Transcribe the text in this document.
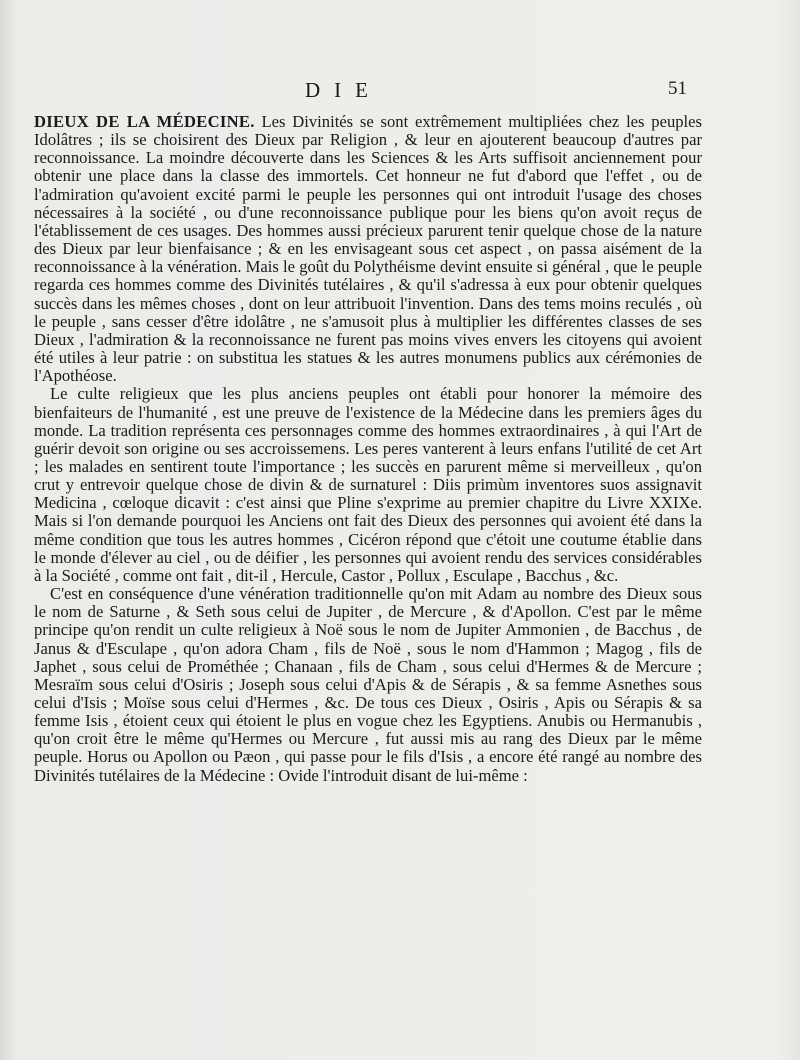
DIE	51

DIEUX DE LA MÉDECINE. Les Divinités se sont extrêmement multipliées chez les peuples Idolâtres ; ils se choisirent des Dieux par Religion , & leur en ajouterent beaucoup d'autres par reconnoissance. La moindre découverte dans les Sciences & les Arts suffisoit anciennement pour obtenir une place dans la classe des immortels. Cet honneur ne fut d'abord que l'effet , ou de l'admiration qu'avoient excité parmi le peuple les personnes qui ont introduit l'usage des choses nécessaires à la société , ou d'une reconnoissance publique pour les biens qu'on avoit reçus de l'établissement de ces usages. Des hommes aussi précieux parurent tenir quelque chose de la nature des Dieux par leur bienfaisance ; & en les envisageant sous cet aspect , on passa aisément de la reconnoissance à la vénération. Mais le goût du Polythéisme devint ensuite si général , que le peuple regarda ces hommes comme des Divinités tutélaires , & qu'il s'adressa à eux pour obtenir quelques succès dans les mêmes choses , dont on leur attribuoit l'invention. Dans des tems moins reculés , où le peuple , sans cesser d'être idolâtre , ne s'amusoit plus à multiplier les différentes classes de ses Dieux , l'admiration & la reconnoissance ne furent pas moins vives envers les citoyens qui avoient été utiles à leur patrie : on substitua les statues & les autres monumens publics aux cérémonies de l'Apothéose.

Le culte religieux que les plus anciens peuples ont établi pour honorer la mémoire des bienfaiteurs de l'humanité , est une preuve de l'existence de la Médecine dans les premiers âges du monde. La tradition représenta ces personnages comme des hommes extraordinaires , à qui l'Art de guérir devoit son origine ou ses accroissemens. Les peres vanterent à leurs enfans l'utilité de cet Art ; les malades en sentirent toute l'importance ; les succès en parurent même si merveilleux , qu'on crut y entrevoir quelque chose de divin & de surnaturel : Diis primùm inventores suos assignavit Medicina , cœloque dicavit : c'est ainsi que Pline s'exprime au premier chapitre du Livre XXIXe. Mais si l'on demande pourquoi les Anciens ont fait des Dieux des personnes qui avoient été dans la même condition que tous les autres hommes , Cicéron répond que c'étoit une coutume établie dans le monde d'élever au ciel , ou de déifier , les personnes qui avoient rendu des services considérables à la Société , comme ont fait , dit-il , Hercule, Castor , Pollux , Esculape , Bacchus , &c.

C'est en conséquence d'une vénération traditionnelle qu'on mit Adam au nombre des Dieux sous le nom de Saturne , & Seth sous celui de Jupiter , de Mercure , & d'Apollon. C'est par le même principe qu'on rendit un culte religieux à Noë sous le nom de Jupiter Ammonien , de Bacchus , de Janus & d'Esculape , qu'on adora Cham , fils de Noë , sous le nom d'Hammon ; Magog , fils de Japhet , sous celui de Prométhée ; Chanaan , fils de Cham , sous celui d'Hermes & de Mercure ; Mesraïm sous celui d'Osiris ; Joseph sous celui d'Apis & de Sérapis , & sa femme Asnethes sous celui d'Isis ; Moïse sous celui d'Hermes , &c. De tous ces Dieux , Osiris , Apis ou Sérapis & sa femme Isis , étoient ceux qui étoient le plus en vogue chez les Egyptiens. Anubis ou Hermanubis , qu'on croit être le même qu'Hermes ou Mercure , fut aussi mis au rang des Dieux par le même peuple. Horus ou Apollon ou Pæon , qui passe pour le fils d'Isis , a encore été rangé au nombre des Divinités tutélaires de la Médecine : Ovide l'introduit disant de lui-même :
